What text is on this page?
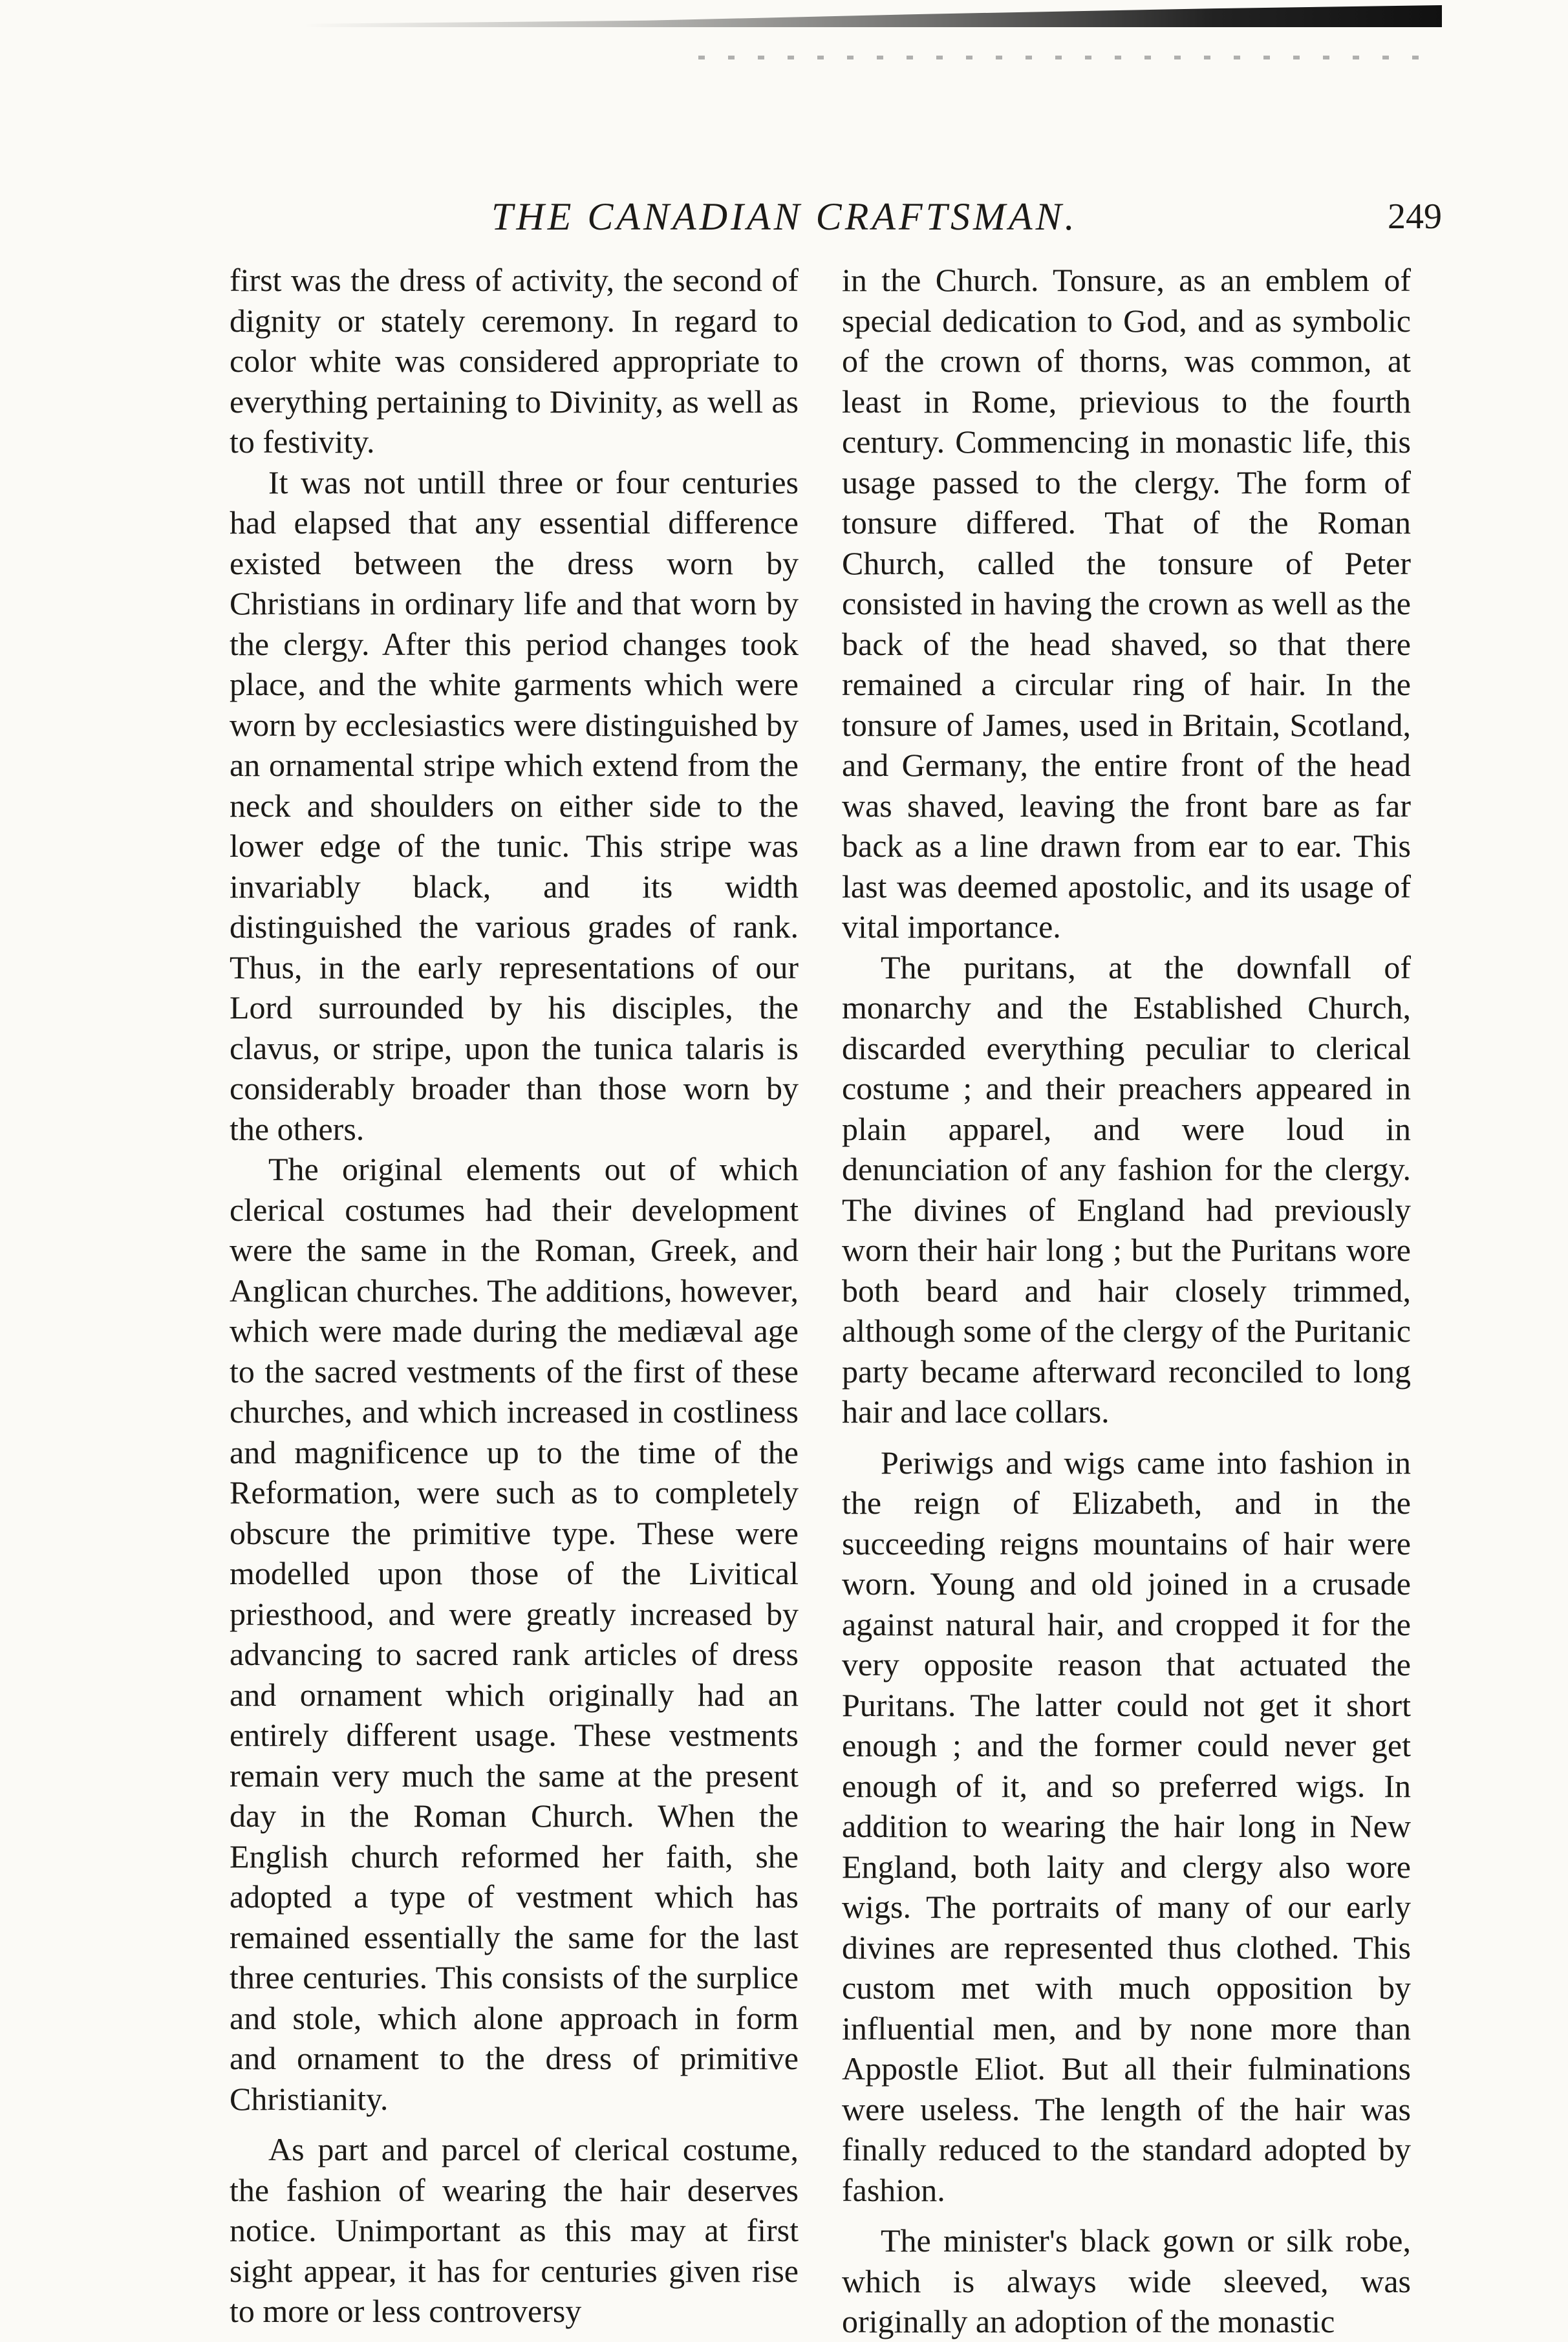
THE CANADIAN CRAFTSMAN.	249

first was the dress of activity, the second of dignity or stately ceremony. In regard to color white was considered appropriate to everything pertaining to Divinity, as well as to festivity.

It was not untill three or four centuries had elapsed that any essential difference existed between the dress worn by Christians in ordinary life and that worn by the clergy. After this period changes took place, and the white garments which were worn by ecclesiastics were distinguished by an ornamental stripe which extend from the neck and shoulders on either side to the lower edge of the tunic. This stripe was invariably black, and its width distinguished the various grades of rank. Thus, in the early representations of our Lord surrounded by his disciples, the clavus, or stripe, upon the tunica talaris is considerably broader than those worn by the others.

The original elements out of which clerical costumes had their development were the same in the Roman, Greek, and Anglican churches. The additions, however, which were made during the mediæval age to the sacred vestments of the first of these churches, and which increased in costliness and magnificence up to the time of the Reformation, were such as to completely obscure the primitive type. These were modelled upon those of the Livitical priesthood, and were greatly increased by advancing to sacred rank articles of dress and ornament which originally had an entirely different usage. These vestments remain very much the same at the present day in the Roman Church. When the English church reformed her faith, she adopted a type of vestment which has remained essentially the same for the last three centuries. This consists of the surplice and stole, which alone approach in form and ornament to the dress of primitive Christianity.

As part and parcel of clerical costume, the fashion of wearing the hair deserves notice. Unimportant as this may at first sight appear, it has for centuries given rise to more or less controversy

in the Church. Tonsure, as an emblem of special dedication to God, and as symbolic of the crown of thorns, was common, at least in Rome, prievious to the fourth century. Commencing in monastic life, this usage passed to the clergy. The form of tonsure differed. That of the Roman Church, called the tonsure of Peter consisted in having the crown as well as the back of the head shaved, so that there remained a circular ring of hair. In the tonsure of James, used in Britain, Scotland, and Germany, the entire front of the head was shaved, leaving the front bare as far back as a line drawn from ear to ear. This last was deemed apostolic, and its usage of vital importance.

The puritans, at the downfall of monarchy and the Established Church, discarded everything peculiar to clerical costume ; and their preachers appeared in plain apparel, and were loud in denunciation of any fashion for the clergy. The divines of England had previously worn their hair long ; but the Puritans wore both beard and hair closely trimmed, although some of the clergy of the Puritanic party became afterward reconciled to long hair and lace collars.

Periwigs and wigs came into fashion in the reign of Elizabeth, and in the succeeding reigns mountains of hair were worn. Young and old joined in a crusade against natural hair, and cropped it for the very opposite reason that actuated the Puritans. The latter could not get it short enough ; and the former could never get enough of it, and so preferred wigs. In addition to wearing the hair long in New England, both laity and clergy also wore wigs. The portraits of many of our early divines are represented thus clothed. This custom met with much opposition by influential men, and by none more than Appostle Eliot. But all their fulminations were useless. The length of the hair was finally reduced to the standard adopted by fashion.

The minister's black gown or silk robe, which is always wide sleeved, was originally an adoption of the monastic
